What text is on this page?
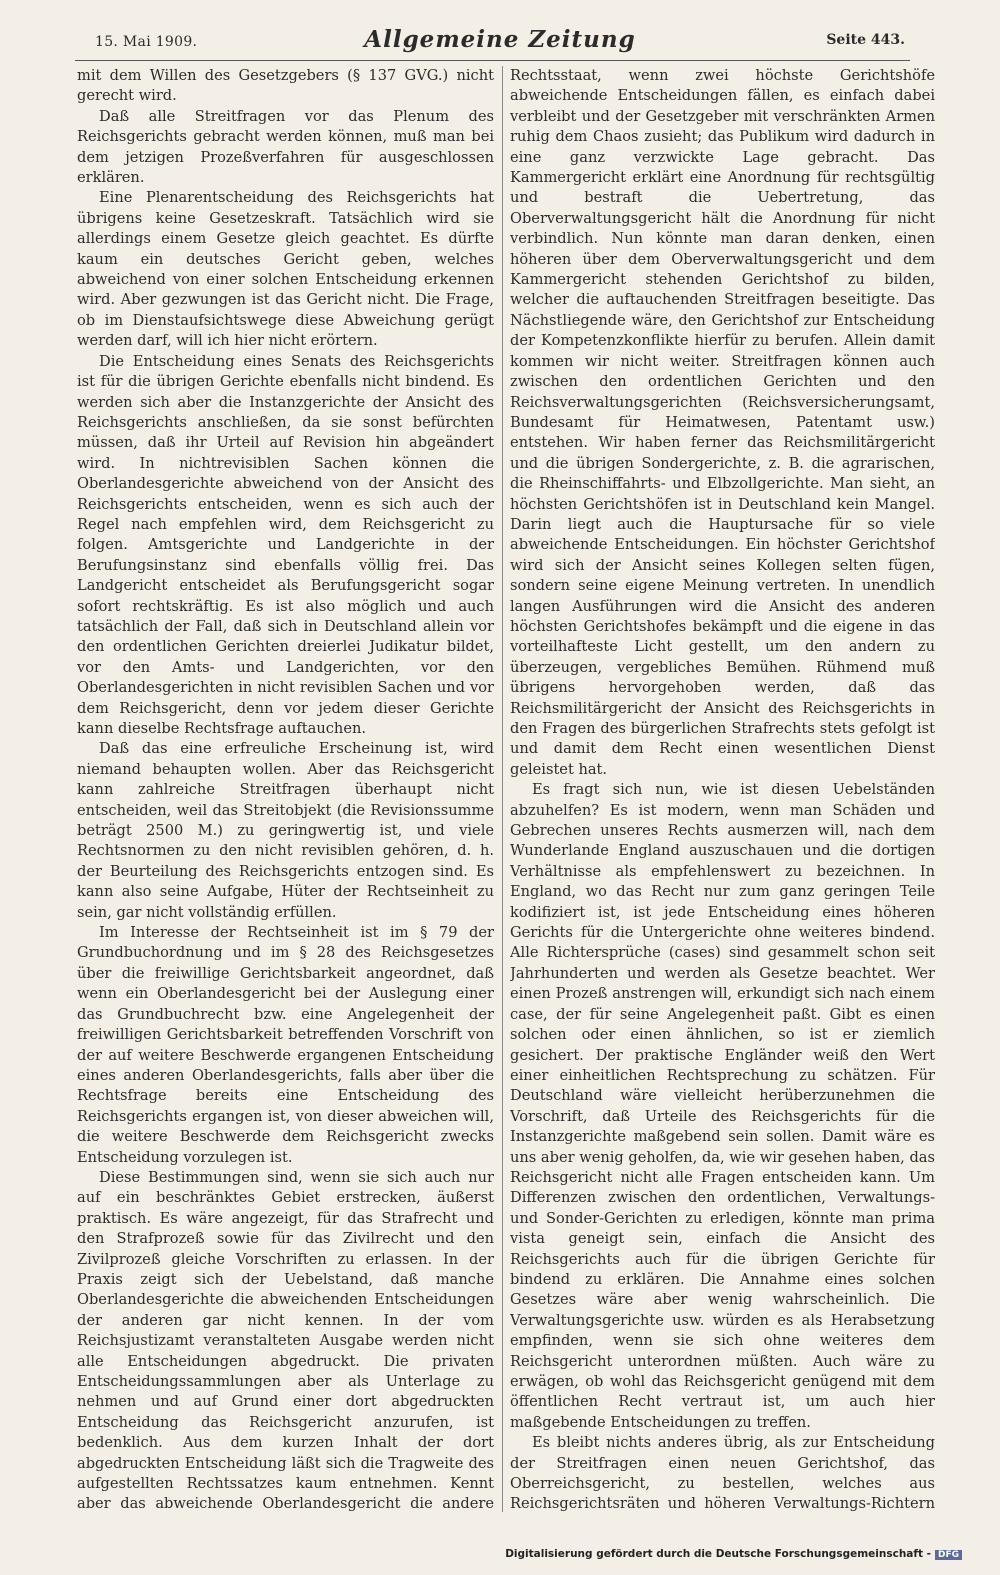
15. Mai 1909.	Allgemeine Zeitung	Seite 443.

mit dem Willen des Gesetzgebers (§ 137 GVG.) nicht gerecht wird.

Daß alle Streitfragen vor das Plenum des Reichsgerichts gebracht werden können, muß man bei dem jetzigen Prozeßverfahren für ausgeschlossen erklären.

Eine Plenarentscheidung des Reichsgerichts hat übrigens keine Gesetzeskraft. Tatsächlich wird sie allerdings einem Gesetze gleich geachtet. Es dürfte kaum ein deutsches Gericht geben, welches abweichend von einer solchen Entscheidung erkennen wird. Aber gezwungen ist das Gericht nicht. Die Frage, ob im Dienstaufsichtswege diese Abweichung gerügt werden darf, will ich hier nicht erörtern.

Die Entscheidung eines Senats des Reichsgerichts ist für die übrigen Gerichte ebenfalls nicht bindend. Es werden sich aber die Instanzgerichte der Ansicht des Reichsgerichts anschließen, da sie sonst befürchten müssen, daß ihr Urteil auf Revision hin abgeändert wird. In nichtrevisiblen Sachen können die Oberlandesgerichte abweichend von der Ansicht des Reichsgerichts entscheiden, wenn es sich auch der Regel nach empfehlen wird, dem Reichsgericht zu folgen. Amtsgerichte und Landgerichte in der Berufungsinstanz sind ebenfalls völlig frei. Das Landgericht entscheidet als Berufungsgericht sogar sofort rechtskräftig. Es ist also möglich und auch tatsächlich der Fall, daß sich in Deutschland allein vor den ordentlichen Gerichten dreierlei Judikatur bildet, vor den Amts- und Landgerichten, vor den Oberlandesgerichten in nicht revisiblen Sachen und vor dem Reichsgericht, denn vor jedem dieser Gerichte kann dieselbe Rechtsfrage auftauchen.

Daß das eine erfreuliche Erscheinung ist, wird niemand behaupten wollen. Aber das Reichsgericht kann zahlreiche Streitfragen überhaupt nicht entscheiden, weil das Streitobjekt (die Revisionssumme beträgt 2500 M.) zu geringwertig ist, und viele Rechtsnormen zu den nicht revisiblen gehören, d. h. der Beurteilung des Reichsgerichts entzogen sind. Es kann also seine Aufgabe, Hüter der Rechtseinheit zu sein, gar nicht vollständig erfüllen.

Im Interesse der Rechtseinheit ist im § 79 der Grundbuchordnung und im § 28 des Reichsgesetzes über die freiwillige Gerichtsbarkeit angeordnet, daß wenn ein Oberlandesgericht bei der Auslegung einer das Grundbuchrecht bzw. eine Angelegenheit der freiwilligen Gerichtsbarkeit betreffenden Vorschrift von der auf weitere Beschwerde ergangenen Entscheidung eines anderen Oberlandesgerichts, falls aber über die Rechtsfrage bereits eine Entscheidung des Reichsgerichts ergangen ist, von dieser abweichen will, die weitere Beschwerde dem Reichsgericht zwecks Entscheidung vorzulegen ist.

Diese Bestimmungen sind, wenn sie sich auch nur auf ein beschränktes Gebiet erstrecken, äußerst praktisch. Es wäre angezeigt, für das Strafrecht und den Strafprozeß sowie für das Zivilrecht und den Zivilprozeß gleiche Vorschriften zu erlassen. In der Praxis zeigt sich der Uebelstand, daß manche Oberlandesgerichte die abweichenden Entscheidungen der anderen gar nicht kennen. In der vom Reichsjustizamt veranstalteten Ausgabe werden nicht alle Entscheidungen abgedruckt. Die privaten Entscheidungssammlungen aber als Unterlage zu nehmen und auf Grund einer dort abgedruckten Entscheidung das Reichsgericht anzurufen, ist bedenklich. Aus dem kurzen Inhalt der dort abgedruckten Entscheidung läßt sich die Tragweite des aufgestellten Rechtssatzes kaum entnehmen. Kennt aber das abweichende Oberlandesgericht die andere

Rechtsstaat, wenn zwei höchste Gerichtshöfe abweichende Entscheidungen fällen, es einfach dabei verbleibt und der Gesetzgeber mit verschränkten Armen ruhig dem Chaos zusieht; das Publikum wird dadurch in eine ganz verzwickte Lage gebracht. Das Kammergericht erklärt eine Anordnung für rechtsgültig und bestraft die Uebertretung, das Oberverwaltungsgericht hält die Anordnung für nicht verbindlich. Nun könnte man daran denken, einen höheren über dem Oberverwaltungsgericht und dem Kammergericht stehenden Gerichtshof zu bilden, welcher die auftauchenden Streitfragen beseitigte. Das Nächstliegende wäre, den Gerichtshof zur Entscheidung der Kompetenzkonflikte hierfür zu berufen. Allein damit kommen wir nicht weiter. Streitfragen können auch zwischen den ordentlichen Gerichten und den Reichsverwaltungsgerichten (Reichsversicherungsamt, Bundesamt für Heimatwesen, Patentamt usw.) entstehen. Wir haben ferner das Reichsmilitärgericht und die übrigen Sondergerichte, z. B. die agrarischen, die Rheinschiffahrts- und Elbzollgerichte. Man sieht, an höchsten Gerichtshöfen ist in Deutschland kein Mangel. Darin liegt auch die Hauptursache für so viele abweichende Entscheidungen. Ein höchster Gerichtshof wird sich der Ansicht seines Kollegen selten fügen, sondern seine eigene Meinung vertreten. In unendlich langen Ausführungen wird die Ansicht des anderen höchsten Gerichtshofes bekämpft und die eigene in das vorteilhafteste Licht gestellt, um den andern zu überzeugen, vergebliches Bemühen. Rühmend muß übrigens hervorgehoben werden, daß das Reichsmilitärgericht der Ansicht des Reichsgerichts in den Fragen des bürgerlichen Strafrechts stets gefolgt ist und damit dem Recht einen wesentlichen Dienst geleistet hat.

Es fragt sich nun, wie ist diesen Uebelständen abzuhelfen? Es ist modern, wenn man Schäden und Gebrechen unseres Rechts ausmerzen will, nach dem Wunderlande England auszuschauen und die dortigen Verhältnisse als empfehlenswert zu bezeichnen. In England, wo das Recht nur zum ganz geringen Teile kodifiziert ist, ist jede Entscheidung eines höheren Gerichts für die Untergerichte ohne weiteres bindend. Alle Richtersprüche (cases) sind gesammelt schon seit Jahrhunderten und werden als Gesetze beachtet. Wer einen Prozeß anstrengen will, erkundigt sich nach einem case, der für seine Angelegenheit paßt. Gibt es einen solchen oder einen ähnlichen, so ist er ziemlich gesichert. Der praktische Engländer weiß den Wert einer einheitlichen Rechtsprechung zu schätzen. Für Deutschland wäre vielleicht herüberzunehmen die Vorschrift, daß Urteile des Reichsgerichts für die Instanzgerichte maßgebend sein sollen. Damit wäre es uns aber wenig geholfen, da, wie wir gesehen haben, das Reichsgericht nicht alle Fragen entscheiden kann. Um Differenzen zwischen den ordentlichen, Verwaltungs- und Sonder-Gerichten zu erledigen, könnte man prima vista geneigt sein, einfach die Ansicht des Reichsgerichts auch für die übrigen Gerichte für bindend zu erklären. Die Annahme eines solchen Gesetzes wäre aber wenig wahrscheinlich. Die Verwaltungsgerichte usw. würden es als Herabsetzung empfinden, wenn sie sich ohne weiteres dem Reichsgericht unterordnen müßten. Auch wäre zu erwägen, ob wohl das Reichsgericht genügend mit dem öffentlichen Recht vertraut ist, um auch hier maßgebende Entscheidungen zu treffen.

Es bleibt nichts anderes übrig, als zur Entscheidung der Streitfragen einen neuen Gerichtshof, das Oberreichsgericht, zu bestellen, welches aus Reichsgerichtsräten und höheren Verwaltungs-Richtern

Digitalisierung gefördert durch die Deutsche Forschungsgemeinschaft - DFG
